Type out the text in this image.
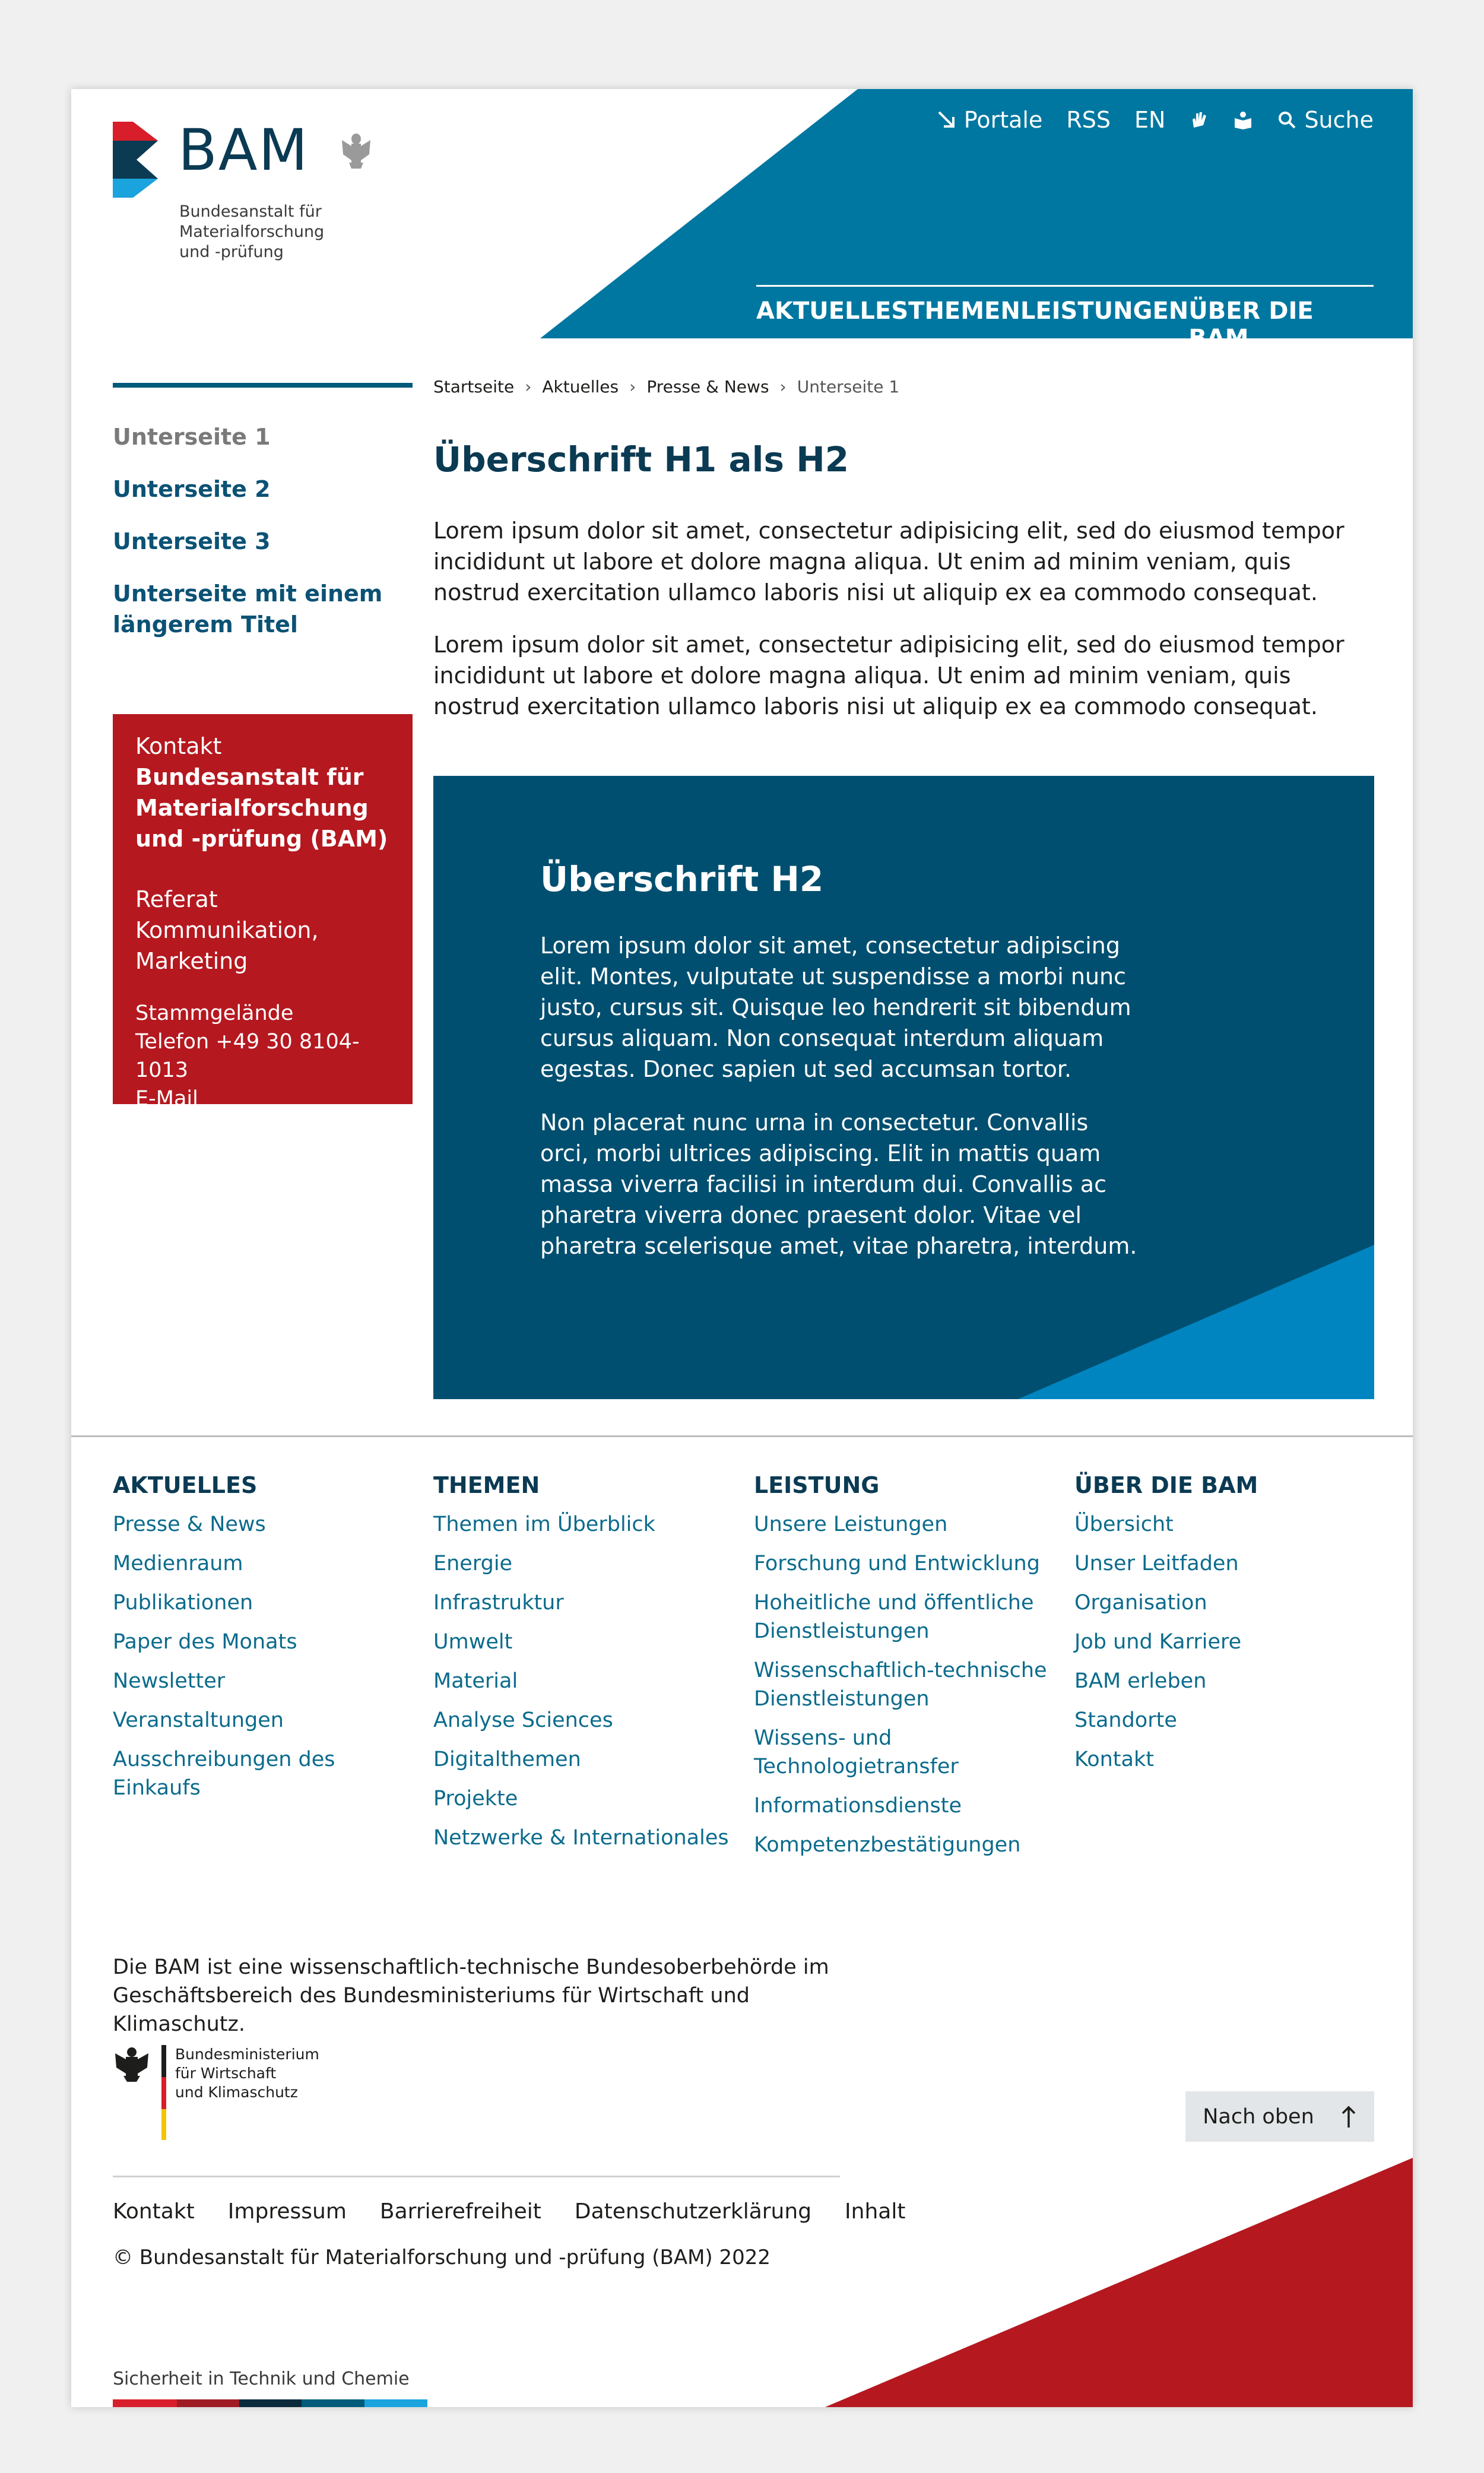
BAM
Bundesanstalt für
Materialforschung
und -prüfung
Portale RSS EN	Suche
AKTUELLES THEMEN LEISTUNGEN ÜBER DIE BAM
Unterseite 1
Unterseite 2
Unterseite 3
Unterseite mit einem längerem Titel
Kontakt
Bundesanstalt für Materialforschung und -prüfung (BAM)
Referat Kommunikation, Marketing
Stammgelände
Telefon +49 30 8104-1013
E-Mail
Startseite › Aktuelles › Presse & News › Unterseite 1
Überschrift H1 als H2

Lorem ipsum dolor sit amet, consectetur adipisicing elit, sed do eiusmod tempor incididunt ut labore et dolore magna aliqua. Ut enim ad minim veniam, quis nostrud exercitation ullamco laboris nisi ut aliquip ex ea commodo consequat.

Lorem ipsum dolor sit amet, consectetur adipisicing elit, sed do eiusmod tempor incididunt ut labore et dolore magna aliqua. Ut enim ad minim veniam, quis nostrud exercitation ullamco laboris nisi ut aliquip ex ea commodo consequat.

Überschrift H2

Lorem ipsum dolor sit amet, consectetur adipiscing elit. Montes, vulputate ut suspendisse a morbi nunc justo, cursus sit. Quisque leo hendrerit sit bibendum cursus aliquam. Non consequat interdum aliquam egestas. Donec sapien ut sed accumsan tortor.

Non placerat nunc urna in consectetur. Convallis orci, morbi ultrices adipiscing. Elit in mattis quam massa viverra facilisi in interdum dui. Convallis ac pharetra viverra donec praesent dolor. Vitae vel pharetra scelerisque amet, vitae pharetra, interdum.

AKTUELLES
Presse & News
Medienraum
Publikationen
Paper des Monats
Newsletter
Veranstaltungen
Ausschreibungen des Einkaufs
THEMEN
Themen im Überblick
Energie
Infrastruktur
Umwelt
Material
Analyse Sciences
Digitalthemen
Projekte
Netzwerke & Internationales
LEISTUNG
Unsere Leistungen
Forschung und Entwicklung
Hoheitliche und öffentliche Dienstleistungen
Wissenschaftlich-technische Dienstleistungen
Wissens- und Technologietransfer
Informationsdienste
Kompetenzbestätigungen
ÜBER DIE BAM
Übersicht
Unser Leitfaden
Organisation
Job und Karriere
BAM erleben
Standorte
Kontakt

Die BAM ist eine wissenschaftlich-technische Bundesoberbehörde im Geschäftsbereich des Bundesministeriums für Wirtschaft und Klimaschutz.

Bundesministerium
für Wirtschaft
und Klimaschutz
Nach oben
Kontakt Impressum Barrierefreiheit Datenschutzerklärung Inhalt
© Bundesanstalt für Materialforschung und -prüfung (BAM) 2022
Sicherheit in Technik und Chemie
